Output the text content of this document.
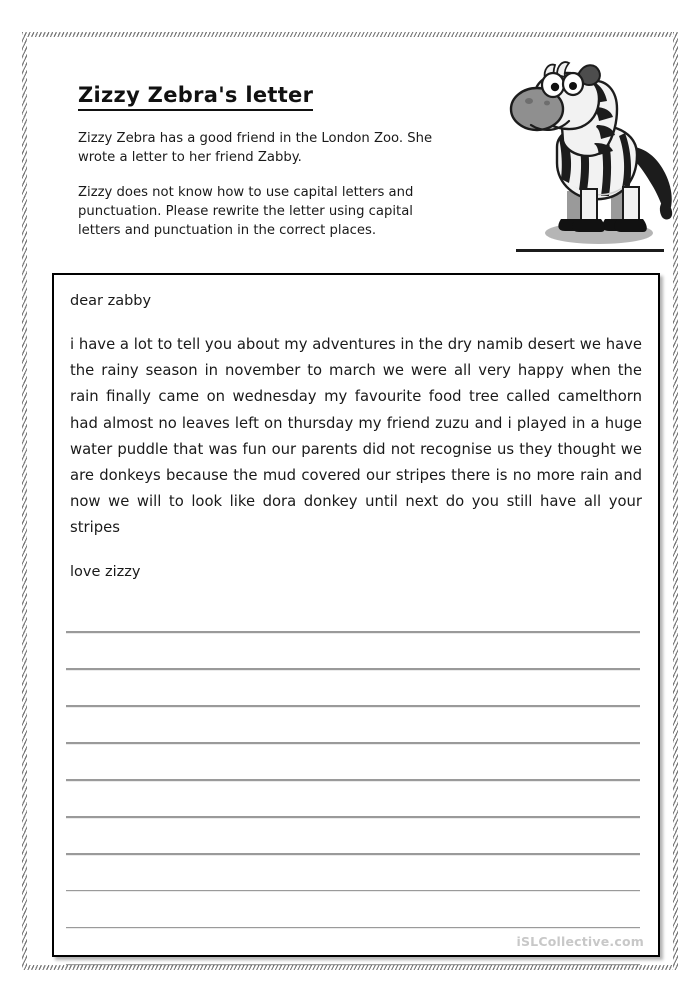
Zizzy Zebra's letter

Zizzy Zebra has a good friend in the London Zoo. She wrote a letter to her friend Zabby.

Zizzy does not know how to use capital letters and punctuation. Please rewrite the letter using capital letters and punctuation in the correct places.

dear zabby

i have a lot to tell you about my adventures in the dry namib desert we have the rainy season in november to march we were all very happy when the rain finally came on wednesday my favourite food tree called camelthorn had almost no leaves left on thursday my friend zuzu and i played in a huge water puddle that was fun our parents did not recognise us they thought we are donkeys because the mud covered our stripes there is no more rain and now we will to look like dora donkey until next do you still have all your stripes

love zizzy

iSLCollective.com
